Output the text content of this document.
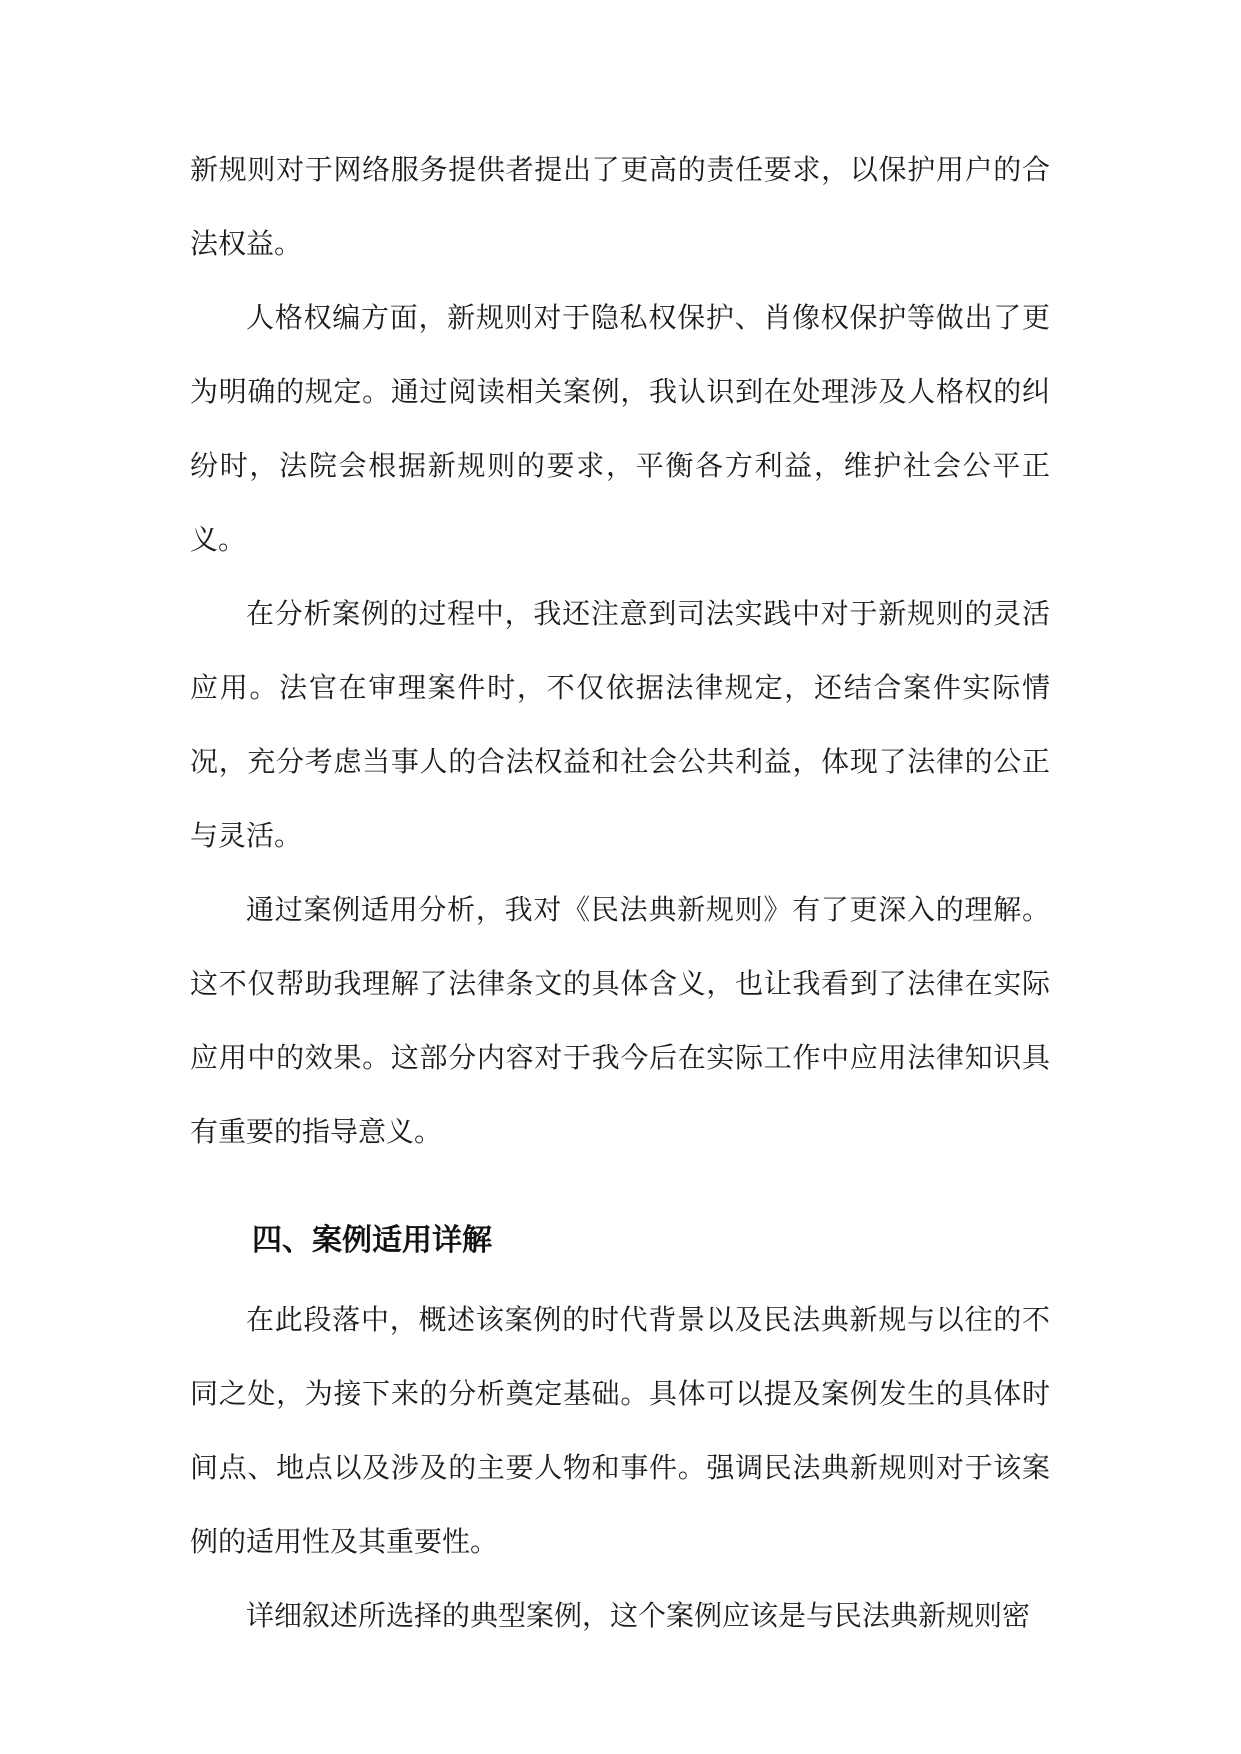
新规则对于网络服务提供者提出了更高的责任要求，以保护用户的合法权益。

人格权编方面，新规则对于隐私权保护、肖像权保护等做出了更为明确的规定。通过阅读相关案例，我认识到在处理涉及人格权的纠纷时，法院会根据新规则的要求，平衡各方利益，维护社会公平正义。

在分析案例的过程中，我还注意到司法实践中对于新规则的灵活应用。法官在审理案件时，不仅依据法律规定，还结合案件实际情况，充分考虑当事人的合法权益和社会公共利益，体现了法律的公正与灵活。

通过案例适用分析，我对《民法典新规则》有了更深入的理解。这不仅帮助我理解了法律条文的具体含义，也让我看到了法律在实际应用中的效果。这部分内容对于我今后在实际工作中应用法律知识具有重要的指导意义。

四、案例适用详解

在此段落中，概述该案例的时代背景以及民法典新规与以往的不同之处，为接下来的分析奠定基础。具体可以提及案例发生的具体时间点、地点以及涉及的主要人物和事件。强调民法典新规则对于该案例的适用性及其重要性。

详细叙述所选择的典型案例，这个案例应该是与民法典新规则密
